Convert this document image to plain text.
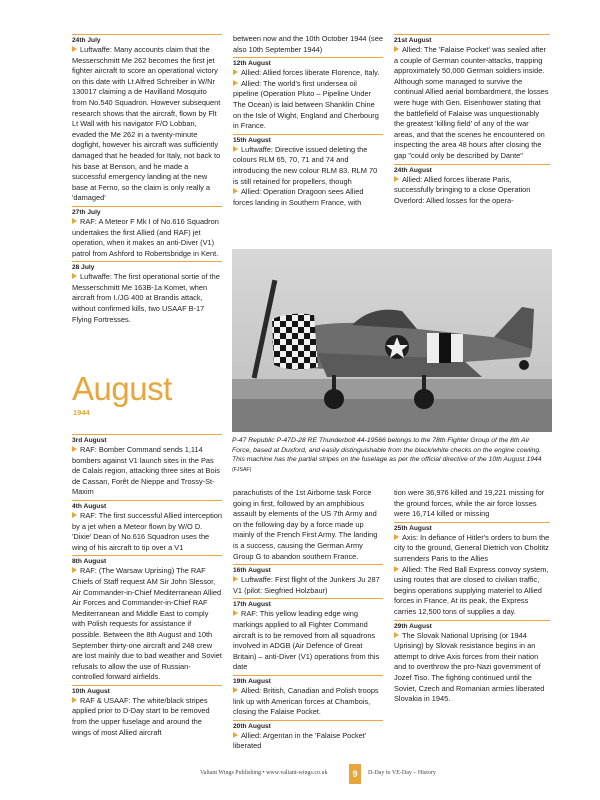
24th July

Luftwaffe: Many accounts claim that the Messerschmitt Me 262 becomes the first jet fighter aircraft to score an operational victory on this date with Lt Alfred Schreiber in W/Nr 130017 claiming a de Havilland Mosquito from No.540 Squadron. However subsequent research shows that the aircraft, flown by Flt Lt Wall with his navigator F/O Lobban, evaded the Me 262 in a twenty-minute dogfight, however his aircraft was sufficiently damaged that he headed for Italy, not back to his base at Benson, and he made a successful emergency landing at the new base at Ferno, so the claim is only really a 'damaged'

27th July

RAF: A Meteor F Mk I of No.616 Squadron undertakes the first Allied (and RAF) jet operation, when it makes an anti-Diver (V1) patrol from Ashford to Robertsbridge in Kent.

28 July

Luftwaffe: The first operational sortie of the Messerschmitt Me 163B-1a Komet, when aircraft from I./JG 400 at Brandis attack, without confirmed kills, two USAAF B-17 Flying Fortresses.

between now and the 10th October 1944 (see also 10th September 1944)

12th August

Allied: Allied forces liberate Florence, Italy.

Allied: The world's first undersea oil pipeline (Operation Pluto – Pipeline Under The Ocean) is laid between Shanklin Chine on the Isle of Wight, England and Cherbourg in France.

15th August

Luftwaffe: Directive issued deleting the colours RLM 65, 70, 71 and 74 and introducing the new colour RLM 83. RLM 70 is still retained for propellers, though

Allied: Operation Dragoon sees Allied forces landing in Southern France, with

21st August

Allied: The 'Falaise Pocket' was sealed after a couple of German counter-attacks, trapping approximately 50,000 German soldiers inside. Although some managed to survive the continual Allied aerial bombardment, the losses were huge with Gen. Eisenhower stating that the battlefield of Falaise was unquestionably the greatest 'killing field' of any of the war areas, and that the scenes he encountered on inspecting the area 48 hours after closing the gap "could only be described by Dante"

24th August

Allied: Allied forces liberate Paris, successfully bringing to a close Operation Overlord: Allied losses for the opera-

P-47 Republic P-47D-28 RE Thunderbolt 44-19566 belongs to the 78th Fighter Group of the 8th Air Force, based at Duxford, and easily distinguishable from the black/white checks on the engine cowling. This machine has the partial stripes on the fuselage as per the official directive of the 10th August 1944 (FJSAF)
August
1944
3rd August

RAF: Bomber Command sends 1,114 bombers against V1 launch sites in the Pas de Calais region, attacking three sites at Bois de Cassan, Forêt de Nieppe and Trossy-St-Maxim

4th August

RAF: The first successful Allied interception by a jet when a Meteor flown by W/O D. 'Dixie' Dean of No.616 Squadron uses the wing of his aircraft to tip over a V1

8th August

RAF: (The Warsaw Uprising) The RAF Chiefs of Staff request AM Sir John Slessor, Air Commander-in-Chief Mediterranean Allied Air Forces and Commander-in-Chief RAF Mediterranean and Middle East to comply with Polish requests for assistance if possible. Between the 8th August and 10th September thirty-one aircraft and 248 crew are lost mainly due to bad weather and Soviet refusals to allow the use of Russian-controlled forward airfields.

10th August

RAF & USAAF: The white/black stripes applied prior to D-Day start to be removed from the upper fuselage and around the wings of most Allied aircraft

parachutists of the 1st Airborne task Force going in first, followed by an amphibious assault by elements of the US 7th Army and on the following day by a force made up mainly of the French First Army. The landing is a success, causing the German Army Group G to abandon southern France.

16th August

Luftwaffe: First flight of the Junkers Ju 287 V1 (pilot: Siegfried Holzbaur)

17th August

RAF: This yellow leading edge wing markings applied to all Fighter Command aircraft is to be removed from all squadrons involved in ADGB (Air Defence of Great Britain) – anti-Diver (V1) operations from this date

19th August

Allied: British, Canadian and Polish troops link up with American forces at Chambois, closing the Falaise Pocket.

20th August

Allied: Argentan in the 'Falaise Pocket' liberated

tion were 36,976 killed and 19,221 missing for the ground forces, while the air force losses were 16,714 killed or missing

25th August

Axis: In defiance of Hitler's orders to burn the city to the ground, General Dietrich von Choltitz surrenders Paris to the Allies

Allied: The Red Ball Express convoy system, using routes that are closed to civilian traffic, begins operations supplying materiel to Allied forces in France. At its peak, the Express carries 12,500 tons of supplies a day.

29th August

The Slovak National Uprising (or 1944 Uprising) by Slovak resistance begins in an attempt to drive Axis forces from their nation and to overthrow the pro-Nazi government of Jozef Tiso. The fighting continued until the Soviet, Czech and Romanian armies liberated Slovakia in 1945.

Valiant Wings Publishing • www.valiant-wings.co.uk	9	D-Day to VE-Day – History
